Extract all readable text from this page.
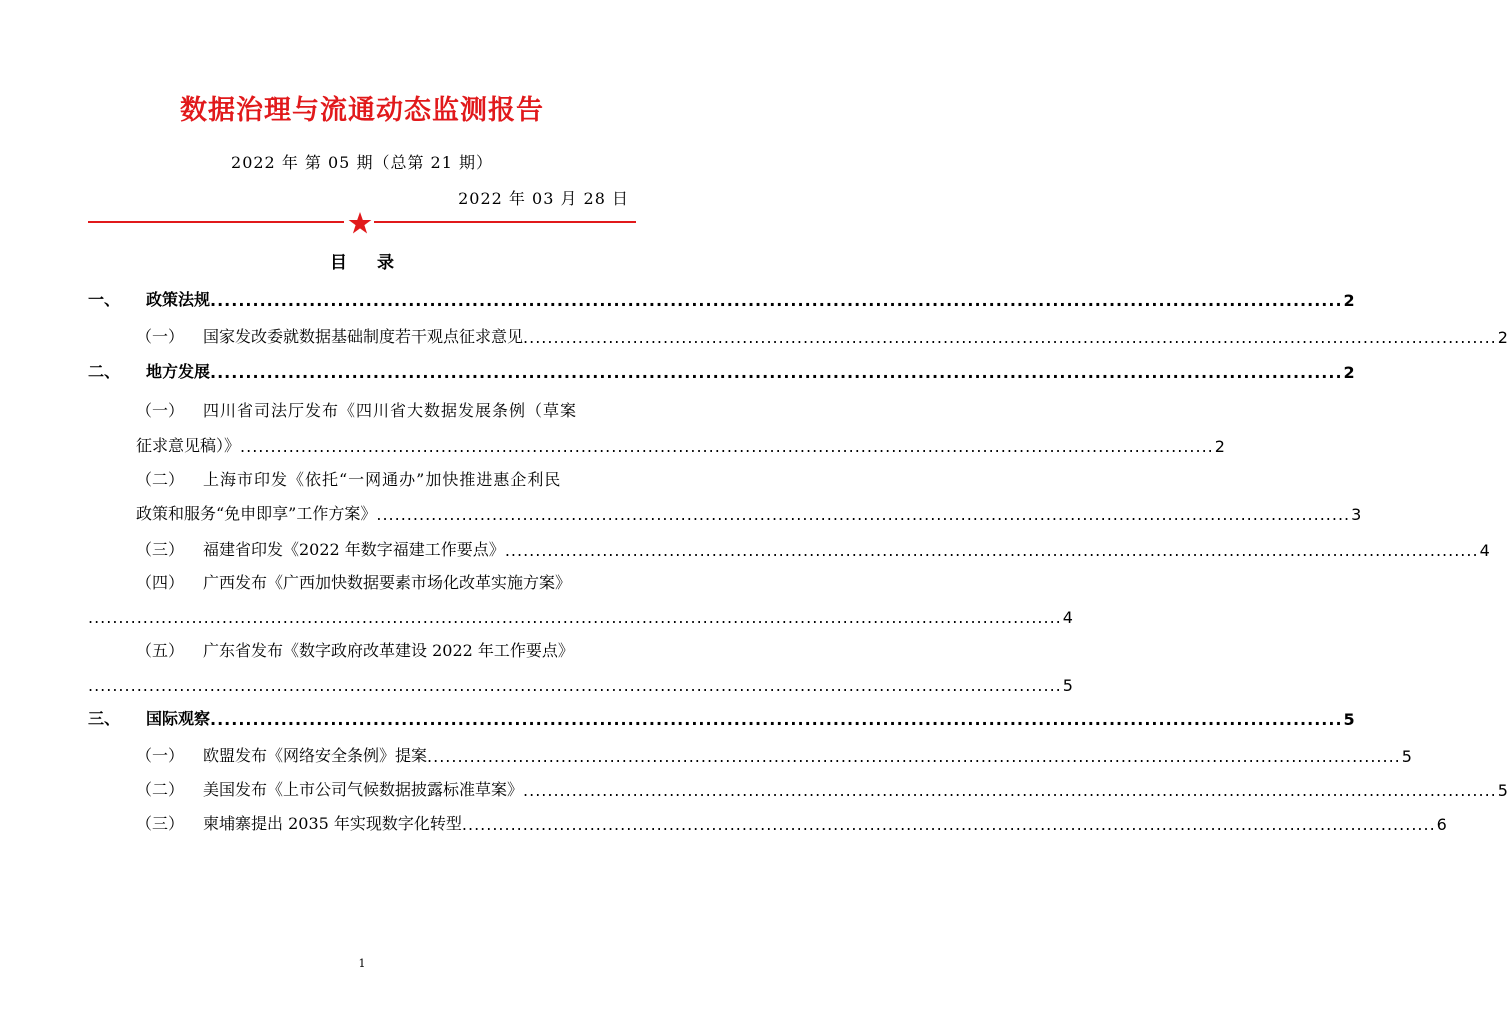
数据治理与流通动态监测报告
2022 年 第 05 期（总第 21 期）
2022 年 03 月 28 日
目 录
一、	政策法规 ................................................................................................................................................................ 2
（一）	国家发改委就数据基础制度若干观点征求意见 ................................................................................................................................................................ 2
二、	地方发展 ................................................................................................................................................................ 2
（一）	四川省司法厅发布《四川省大数据发展条例（草案
征求意见稿）》 ................................................................................................................................................................ 2
（二）	上海市印发《依托“一网通办”加快推进惠企利民
政策和服务“免申即享”工作方案》 ................................................................................................................................................................ 3
（三）	福建省印发《2022 年数字福建工作要点》 ................................................................................................................................................................ 4
（四）	广西发布《广西加快数据要素市场化改革实施方案》
................................................................................................................................................................ 4
（五）	广东省发布《数字政府改革建设 2022 年工作要点》
................................................................................................................................................................ 5
三、	国际观察 ................................................................................................................................................................ 5
（一）	欧盟发布《网络安全条例》提案 ................................................................................................................................................................ 5
（二）	美国发布《上市公司气候数据披露标准草案》 ................................................................................................................................................................ 5
（三）	柬埔寨提出 2035 年实现数字化转型 ................................................................................................................................................................ 6
1
